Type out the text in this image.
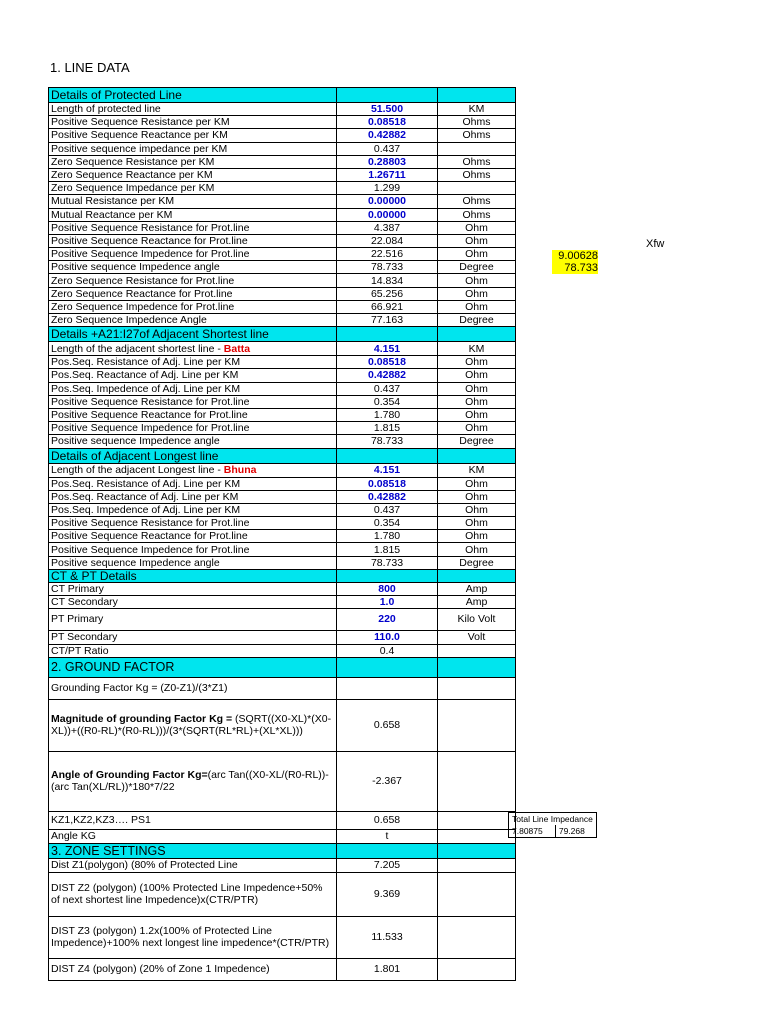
1. LINE DATA
Details of Protected Line		
Length of protected line	51.500	KM
Positive Sequence Resistance per KM	0.08518	Ohms
Positive Sequence Reactance per KM	0.42882	Ohms
Positive sequence impedance per KM	0.437	
Zero Sequence Resistance per KM	0.28803	Ohms
Zero Sequence Reactance per KM	1.26711	Ohms
Zero Sequence Impedance per KM	1.299	
Mutual Resistance per KM	0.00000	Ohms
Mutual Reactance per KM	0.00000	Ohms
Positive Sequence Resistance for Prot.line	4.387	Ohm
Positive Sequence Reactance for Prot.line	22.084	Ohm
Positive Sequence Impedence for Prot.line	22.516	Ohm
Positive sequence Impedence angle	78.733	Degree
Zero Sequence Resistance for Prot.line	14.834	Ohm
Zero Sequence Reactance for Prot.line	65.256	Ohm
Zero Sequence Impedence for Prot.line	66.921	Ohm
Zero Sequence Impedence Angle	77.163	Degree
Details +A21:I27of Adjacent Shortest line		
Length of the adjacent shortest line - Batta	4.151	KM
Pos.Seq. Resistance of Adj. Line per KM	0.08518	Ohm
Pos.Seq. Reactance of Adj. Line per KM	0.42882	Ohm
Pos.Seq. Impedence of Adj. Line per KM	0.437	Ohm
Positive Sequence Resistance for Prot.line	0.354	Ohm
Positive Sequence Reactance for Prot.line	1.780	Ohm
Positive Sequence Impedence for Prot.line	1.815	Ohm
Positive sequence Impedence angle	78.733	Degree
Details of Adjacent Longest line		
Length of the adjacent Longest line - Bhuna	4.151	KM
Pos.Seq. Resistance of Adj. Line per KM	0.08518	Ohm
Pos.Seq. Reactance of Adj. Line per KM	0.42882	Ohm
Pos.Seq. Impedence of Adj. Line per KM	0.437	Ohm
Positive Sequence Resistance for Prot.line	0.354	Ohm
Positive Sequence Reactance for Prot.line	1.780	Ohm
Positive Sequence Impedence for Prot.line	1.815	Ohm
Positive sequence Impedence angle	78.733	Degree
CT & PT Details		
CT Primary	800	Amp
CT Secondary	1.0	Amp
PT Primary	220	Kilo Volt
PT Secondary	110.0	Volt
CT/PT Ratio	0.4	
2. GROUND FACTOR		
Grounding Factor Kg = (Z0-Z1)/(3*Z1)		
Magnitude of grounding Factor Kg = (SQRT((X0-XL)*(X0-XL))+((R0-RL)*(R0-RL)))/(3*(SQRT(RL*RL)+(XL*XL)))	0.658	
Angle of Grounding Factor Kg=(arc Tan((X0-XL/(R0-RL))-(arc Tan(XL/RL))*180*7/22	-2.367	
KZ1,KZ2,KZ3…. PS1	0.658	
Angle KG	t	
3. ZONE SETTINGS		
Dist Z1(polygon) (80% of Protected Line	7.205	
DIST Z2 (polygon) (100% Protected Line Impedence+50% of next shortest line Impedence)x(CTR/PTR)	9.369	
DIST Z3 (polygon) 1.2x(100% of Protected Line Impedence)+100% next longest line impedence*(CTR/PTR)	11.533	
DIST Z4 (polygon) (20% of Zone 1 Impedence)	1.801	
Xfw
9.00628
78.733
Total Line Impedance
7.80875	79.268
